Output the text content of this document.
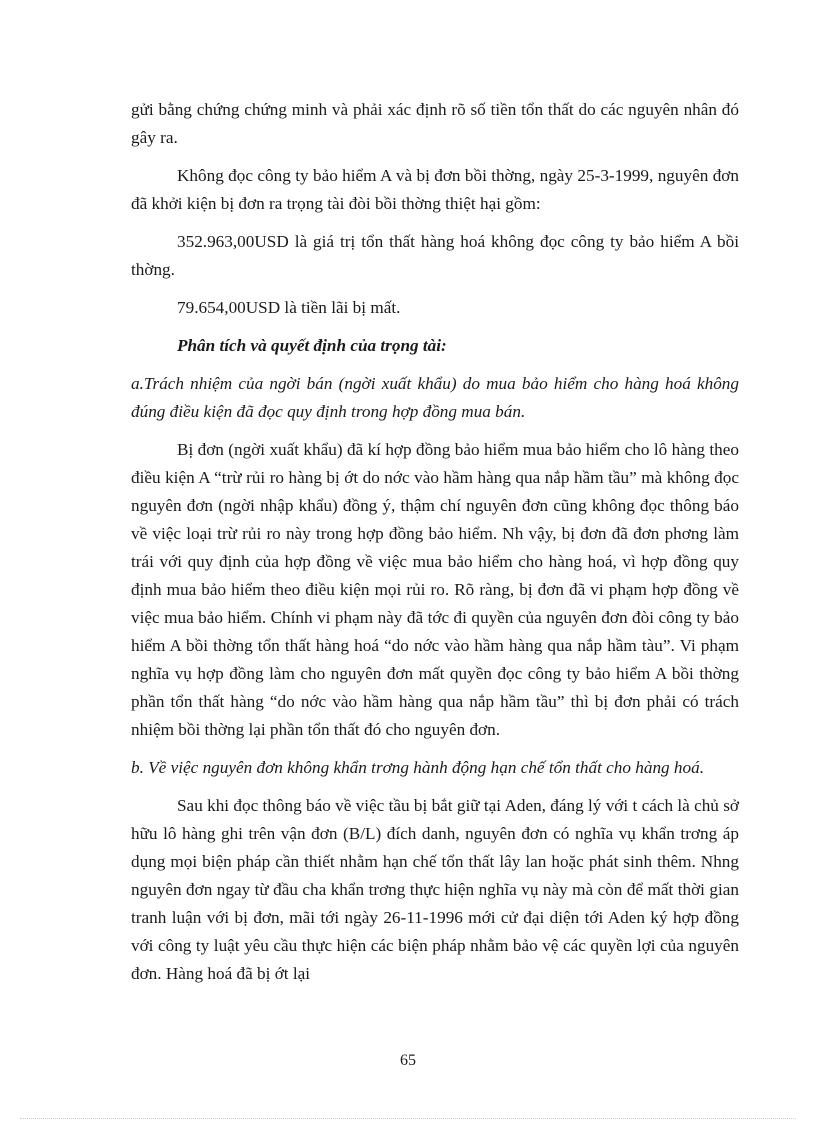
gửi bằng chứng chứng minh và phải xác định rõ số tiền tổn thất do các nguyên nhân đó gây ra.

Không đọc công ty bảo hiểm A và bị đơn bồi thờng, ngày 25-3-1999, nguyên đơn đã khởi kiện bị đơn ra trọng tài đòi bồi thờng thiệt hại gồm:

352.963,00USD là giá trị tổn thất hàng hoá không đọc công ty bảo hiểm A bồi thờng.

79.654,00USD là tiền lãi bị mất.

Phân tích và quyết định của trọng tài:

a.Trách nhiệm của ngời bán (ngời xuất khẩu) do mua bảo hiểm cho hàng hoá không đúng điều kiện đã đọc quy định trong hợp đồng mua bán.

Bị đơn (ngời xuất khẩu) đã kí hợp đồng bảo hiểm mua bảo hiểm cho lô hàng theo điều kiện A “trừ rủi ro hàng bị ớt do nớc vào hầm hàng qua nắp hầm tầu” mà không đọc nguyên đơn (ngời nhập khẩu) đồng ý, thậm chí nguyên đơn cũng không đọc thông báo về việc loại trừ rủi ro này trong hợp đồng bảo hiểm. Nh vậy, bị đơn đã đơn phơng làm trái với quy định của hợp đồng về việc mua bảo hiểm cho hàng hoá, vì hợp đồng quy định mua bảo hiểm theo điều kiện mọi rủi ro. Rõ ràng, bị đơn đã vi phạm hợp đồng về việc mua bảo hiểm. Chính vi phạm này đã tớc đi quyền của nguyên đơn đòi công ty bảo hiểm A bồi thờng tổn thất hàng hoá “do nớc vào hầm hàng qua nắp hầm tàu”. Vi phạm nghĩa vụ hợp đồng làm cho nguyên đơn mất quyền đọc công ty bảo hiểm A bồi thờng phần tổn thất hàng “do nớc vào hầm hàng qua nắp hầm tầu” thì bị đơn phải có trách nhiệm bồi thờng lại phần tổn thất đó cho nguyên đơn.

b. Về việc nguyên đơn không khẩn trơng hành động hạn chế tổn thất cho hàng hoá.

Sau khi đọc thông báo về việc tầu bị bắt giữ tại Aden, đáng lý với t cách là chủ sở hữu lô hàng ghi trên vận đơn (B/L) đích danh, nguyên đơn có nghĩa vụ khẩn trơng áp dụng mọi biện pháp cần thiết nhằm hạn chế tổn thất lây lan hoặc phát sinh thêm. Nhng nguyên đơn ngay từ đầu cha khẩn trơng thực hiện nghĩa vụ này mà còn để mất thời gian tranh luận với bị đơn, mãi tới ngày 26-11-1996 mới cử đại diện tới Aden ký hợp đồng với công ty luật yêu cầu thực hiện các biện pháp nhằm bảo vệ các quyền lợi của nguyên đơn. Hàng hoá đã bị ớt lại

65
